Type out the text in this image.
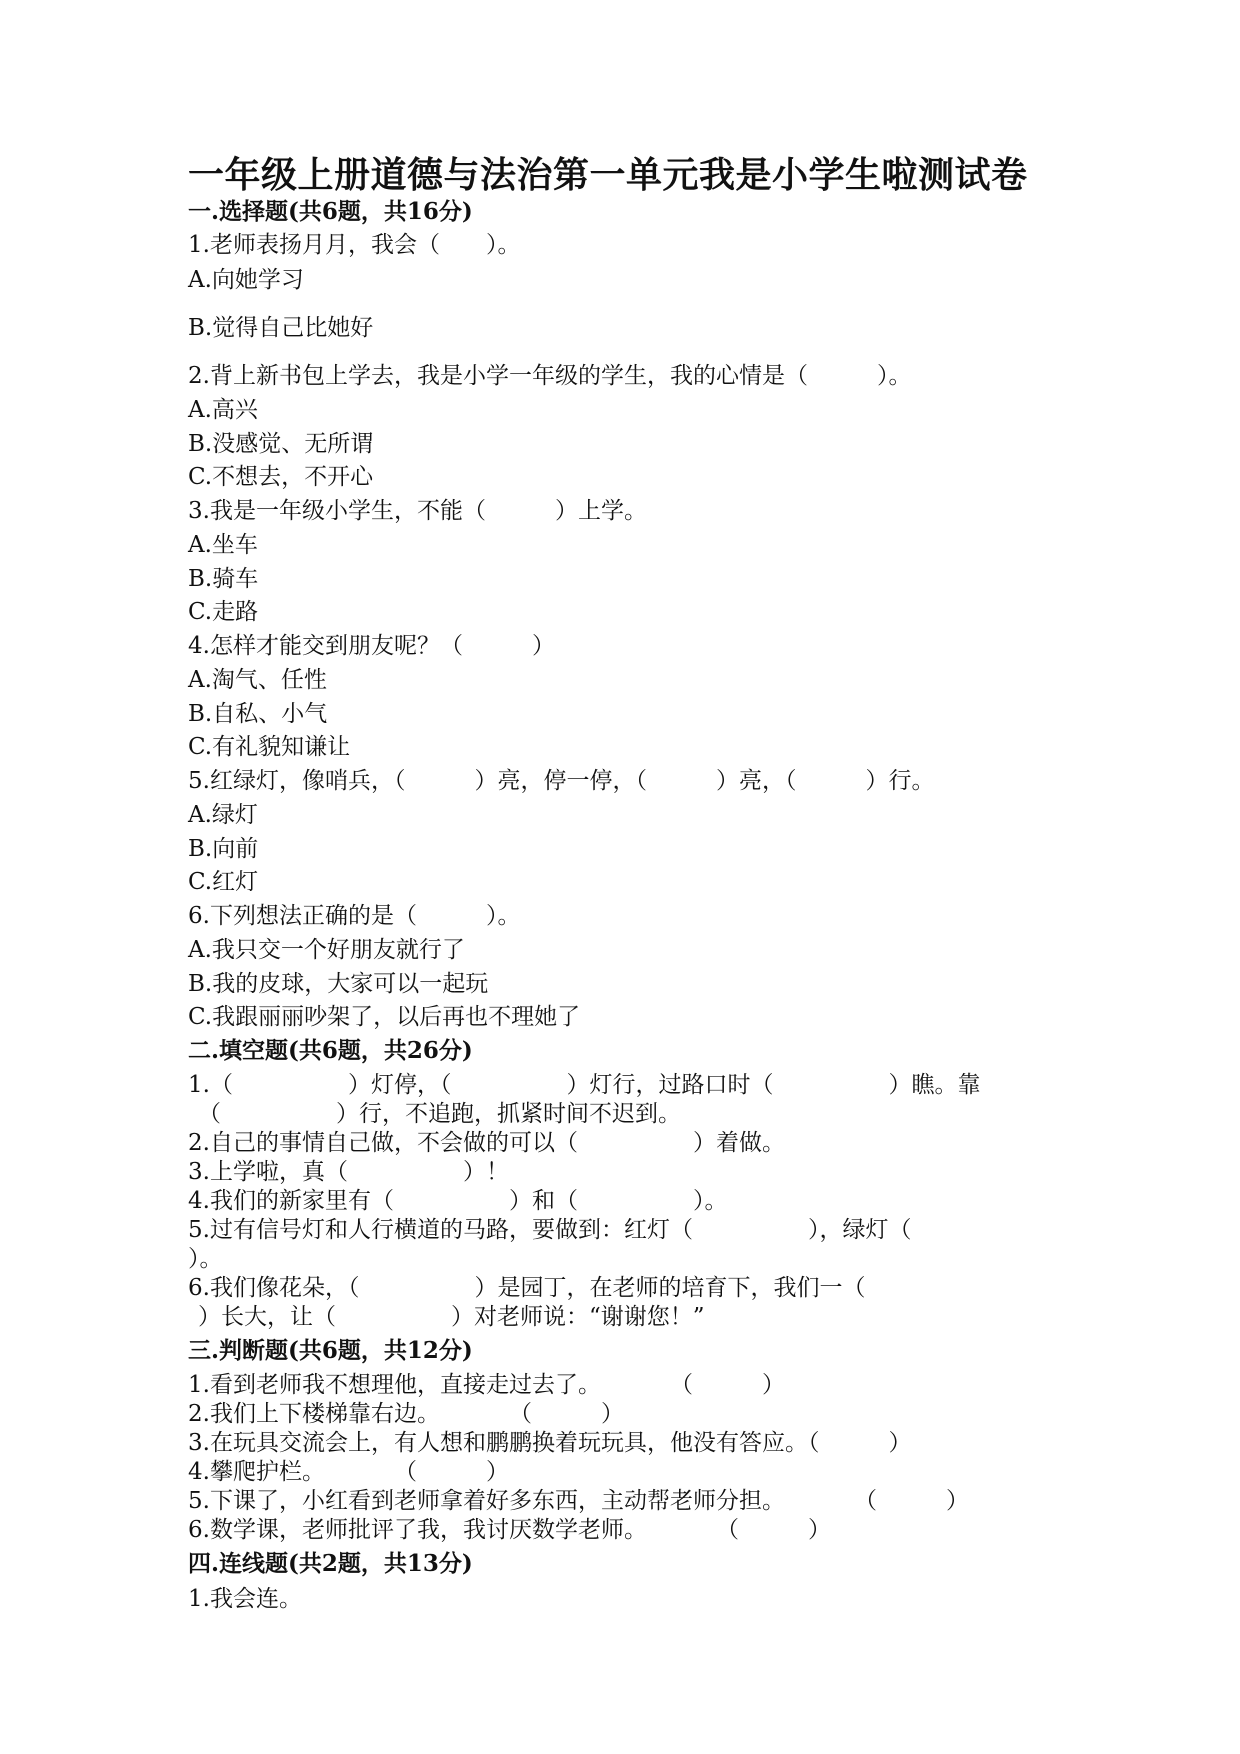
一年级上册道德与法治第一单元我是小学生啦测试卷
一.选择题(共6题，共16分)
1.老师表扬月月，我会（　　）。
A.向她学习
B.觉得自己比她好
2.背上新书包上学去，我是小学一年级的学生，我的心情是（　　　）。
A.高兴
B.没感觉、无所谓
C.不想去，不开心
3.我是一年级小学生，不能（　　　）上学。
A.坐车
B.骑车
C.走路
4.怎样才能交到朋友呢？（　　　）
A.淘气、任性
B.自私、小气
C.有礼貌知谦让
5.红绿灯，像哨兵，（　　　）亮，停一停，（　　　）亮，（　　　）行。
A.绿灯
B.向前
C.红灯
6.下列想法正确的是（　　　）。
A.我只交一个好朋友就行了
B.我的皮球，大家可以一起玩
C.我跟丽丽吵架了，以后再也不理她了
二.填空题(共6题，共26分)
1.（　　　　　）灯停，（　　　　　）灯行，过路口时（　　　　　）瞧。靠
（　　　　　）行，不追跑，抓紧时间不迟到。
2.自己的事情自己做，不会做的可以（　　　　　）着做。
3.上学啦，真（　　　　　）！
4.我们的新家里有（　　　　　）和（　　　　　）。
5.过有信号灯和人行横道的马路，要做到：红灯（　　　　　），绿灯（
）。
6.我们像花朵，（　　　　　）是园丁，在老师的培育下，我们一（
）长大，让（　　　　　）对老师说：“谢谢您！”
三.判断题(共6题，共12分)
1.看到老师我不想理他，直接走过去了。　　　　（　　　）
2.我们上下楼梯靠右边。　　　　（　　　）
3.在玩具交流会上，有人想和鹏鹏换着玩玩具，他没有答应。（　　　）
4.攀爬护栏。　　　　（　　　）
5.下课了，小红看到老师拿着好多东西，主动帮老师分担。　　　　（　　　）
6.数学课，老师批评了我，我讨厌数学老师。　　　　（　　　）
四.连线题(共2题，共13分)
1.我会连。
